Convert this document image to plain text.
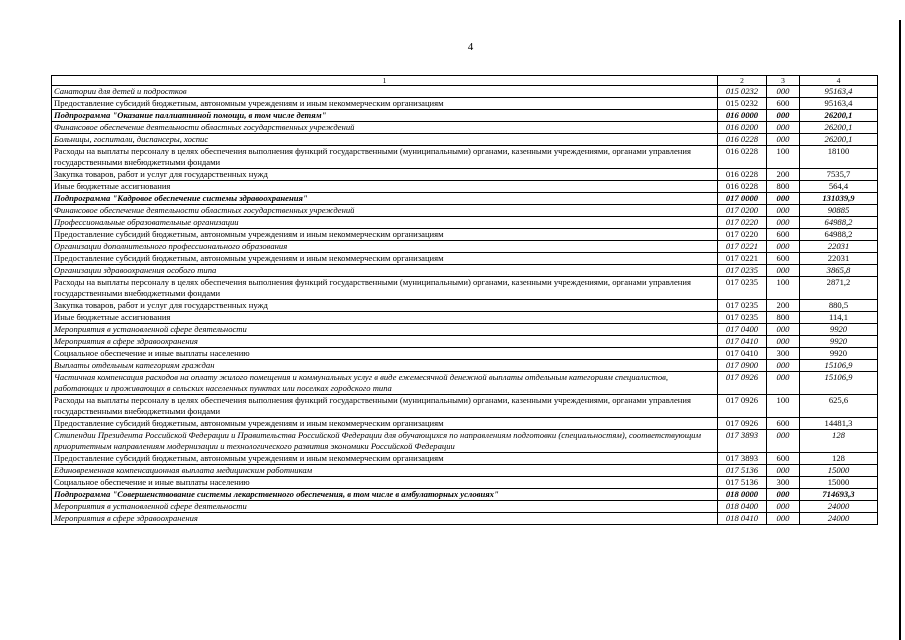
4
1	2	3	4
Санатории для детей и подростков	015 0232	000	95163,4
Предоставление субсидий бюджетным, автономным учреждениям и иным некоммерческим организациям	015 0232	600	95163,4
Подпрограмма "Оказание паллиативной помощи, в том числе детям"	016 0000	000	26200,1
Финансовое обеспечение деятельности областных государственных учреждений	016 0200	000	26200,1
Больницы, госпитали, диспансеры, хоспис	016 0228	000	26200,1
Расходы на выплаты персоналу в целях обеспечения выполнения функций государственными (муниципальными) органами, казенными учреждениями, органами управления государственными внебюджетными фондами	016 0228	100	18100
Закупка товаров, работ и услуг для государственных нужд	016 0228	200	7535,7
Иные бюджетные ассигнования	016 0228	800	564,4
Подпрограмма "Кадровое обеспечение системы здравоохранения"	017 0000	000	131039,9
Финансовое обеспечение деятельности областных государственных учреждений	017 0200	000	90885
Профессиональные образовательные организации	017 0220	000	64988,2
Предоставление субсидий бюджетным, автономным учреждениям и иным некоммерческим организациям	017 0220	600	64988,2
Организации дополнительного профессионального образования	017 0221	000	22031
Предоставление субсидий бюджетным, автономным учреждениям и иным некоммерческим организациям	017 0221	600	22031
Организации здравоохранения особого типа	017 0235	000	3865,8
Расходы на выплаты персоналу в целях обеспечения выполнения функций государственными (муниципальными) органами, казенными учреждениями, органами управления государственными внебюджетными фондами	017 0235	100	2871,2
Закупка товаров, работ и услуг для государственных нужд	017 0235	200	880,5
Иные бюджетные ассигнования	017 0235	800	114,1
Мероприятия в установленной сфере деятельности	017 0400	000	9920
Мероприятия в сфере здравоохранения	017 0410	000	9920
Социальное обеспечение и иные выплаты населению	017 0410	300	9920
Выплаты отдельным категориям граждан	017 0900	000	15106,9
Частичная компенсация расходов на оплату жилого помещения и коммунальных услуг в виде ежемесячной денежной выплаты отдельным категориям специалистов, работающих и проживающих в сельских населенных пунктах или поселках городского типа	017 0926	000	15106,9
Расходы на выплаты персоналу в целях обеспечения выполнения функций государственными (муниципальными) органами, казенными учреждениями, органами управления государственными внебюджетными фондами	017 0926	100	625,6
Предоставление субсидий бюджетным, автономным учреждениям и иным некоммерческим организациям	017 0926	600	14481,3
Стипендии Президента Российской Федерации и Правительства Российской Федерации для обучающихся по направлениям подготовки (специальностям), соответствующим приоритетным направлениям модернизации и технологического развития экономики Российской Федерации	017 3893	000	128
Предоставление субсидий бюджетным, автономным учреждениям и иным некоммерческим организациям	017 3893	600	128
Единовременная компенсационная выплата медицинским работникам	017 5136	000	15000
Социальное обеспечение и иные выплаты населению	017 5136	300	15000
Подпрограмма "Совершенствование системы лекарственного обеспечения, в том числе в амбулаторных условиях"	018 0000	000	714693,3
Мероприятия в установленной сфере деятельности	018 0400	000	24000
Мероприятия в сфере здравоохранения	018 0410	000	24000
